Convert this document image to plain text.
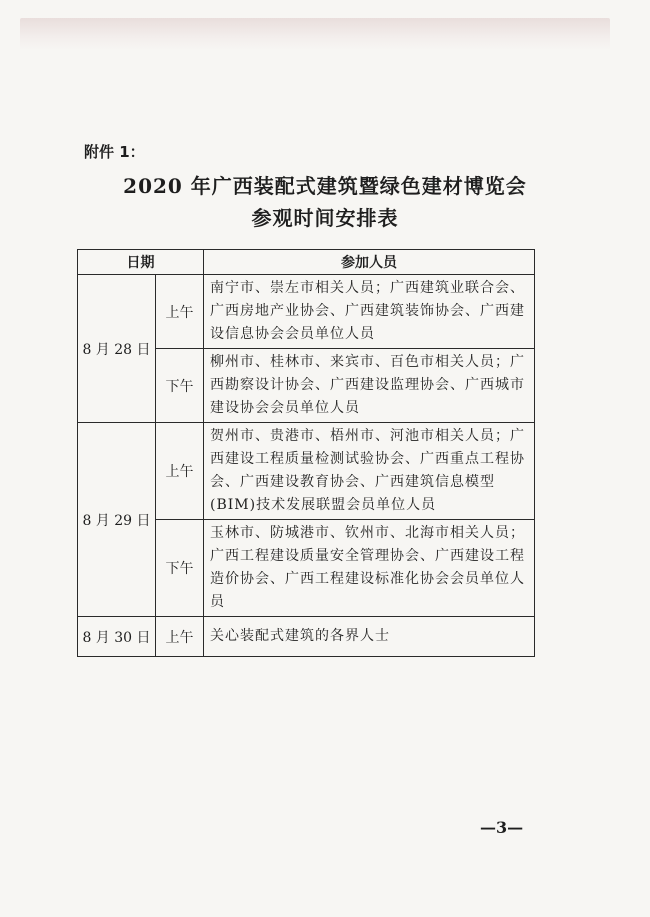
附件 1：
2020 年广西装配式建筑暨绿色建材博览会
参观时间安排表
日期		参加人员
8 月 28 日	上午	南宁市、崇左市相关人员；广西建筑业联合会、广西房地产业协会、广西建筑装饰协会、广西建设信息协会会员单位人员
	下午	柳州市、桂林市、来宾市、百色市相关人员；广西勘察设计协会、广西建设监理协会、广西城市建设协会会员单位人员
8 月 29 日	上午	贺州市、贵港市、梧州市、河池市相关人员；广西建设工程质量检测试验协会、广西重点工程协会、广西建设教育协会、广西建筑信息模型(BIM)技术发展联盟会员单位人员
	下午	玉林市、防城港市、钦州市、北海市相关人员；广西工程建设质量安全管理协会、广西建设工程造价协会、广西工程建设标准化协会会员单位人员
8 月 30 日	上午	关心装配式建筑的各界人士
—3—
